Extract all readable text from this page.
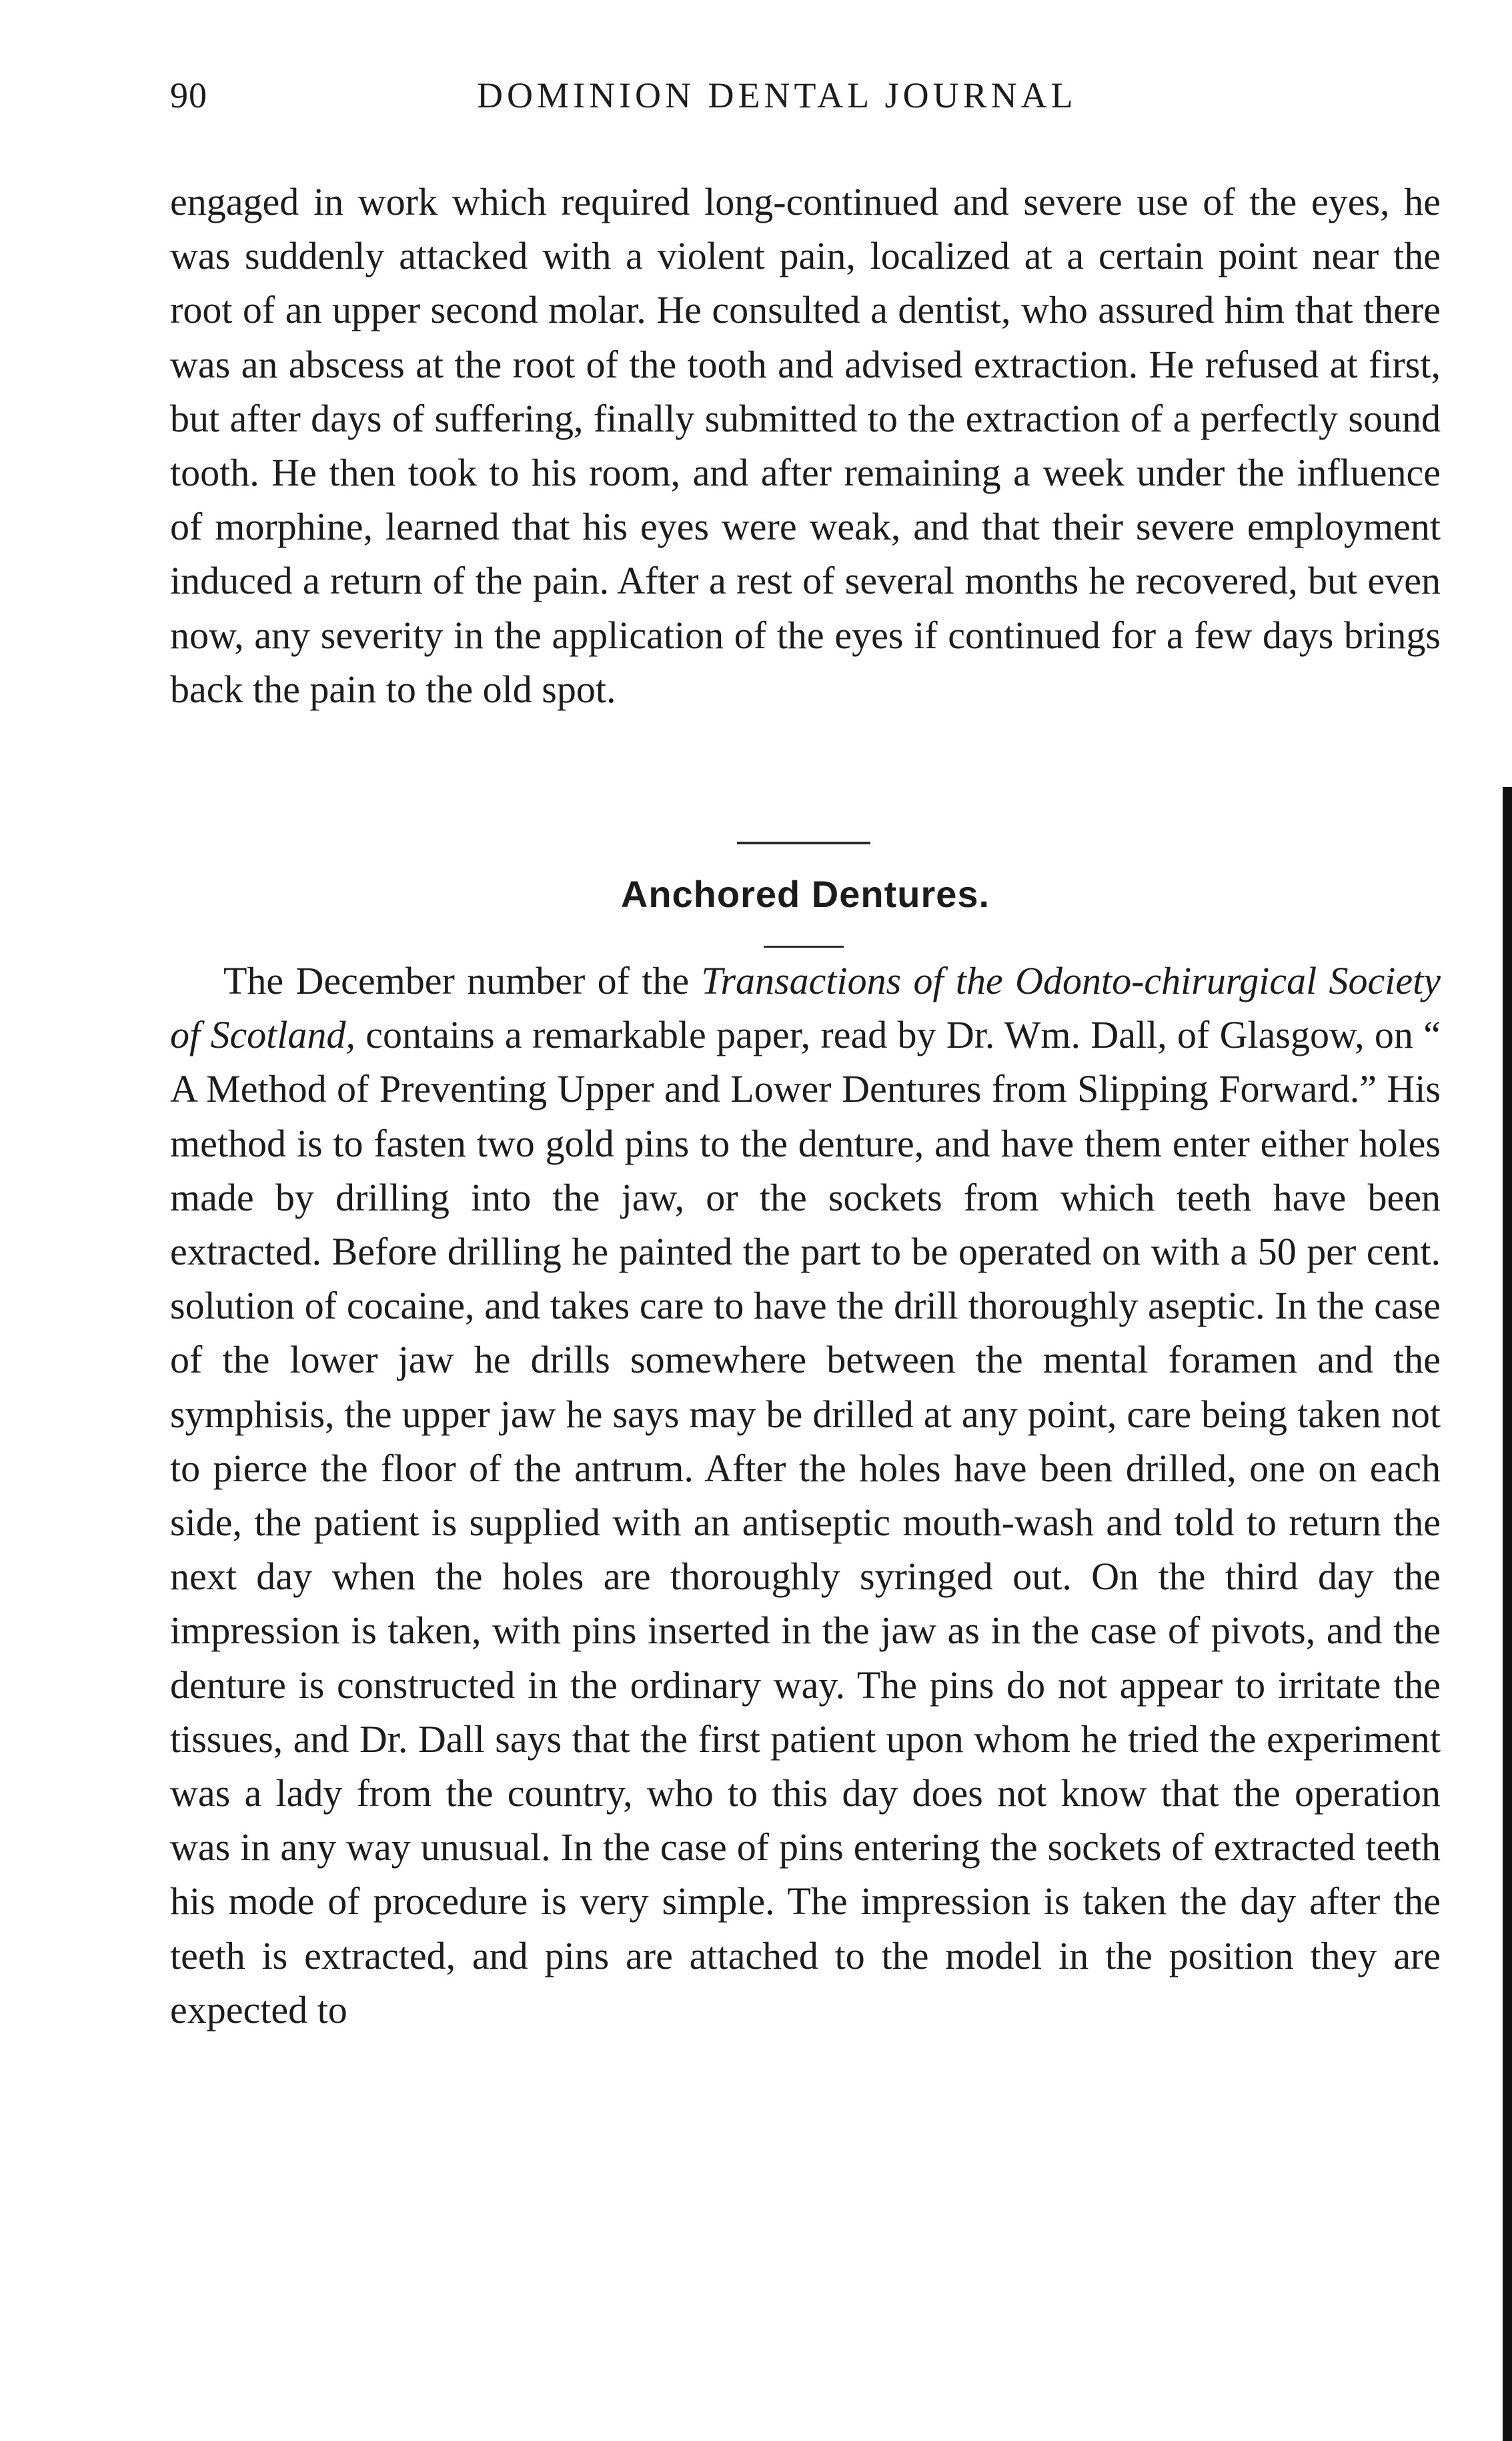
90	DOMINION DENTAL JOURNAL

engaged in work which required long-continued and severe use of the eyes, he was suddenly attacked with a violent pain, localized at a certain point near the root of an upper second molar. He consulted a dentist, who assured him that there was an abscess at the root of the tooth and advised extraction. He refused at first, but after days of suffering, finally submitted to the extraction of a perfectly sound tooth. He then took to his room, and after remaining a week under the influence of morphine, learned that his eyes were weak, and that their severe employment induced a return of the pain. After a rest of several months he recovered, but even now, any severity in the application of the eyes if continued for a few days brings back the pain to the old spot.

Anchored Dentures.

The December number of the Transactions of the Odonto-chirurgical Society of Scotland, contains a remarkable paper, read by Dr. Wm. Dall, of Glasgow, on “ A Method of Preventing Upper and Lower Dentures from Slipping Forward.” His method is to fasten two gold pins to the denture, and have them enter either holes made by drilling into the jaw, or the sockets from which teeth have been extracted. Before drilling he painted the part to be operated on with a 50 per cent. solution of cocaine, and takes care to have the drill thoroughly aseptic. In the case of the lower jaw he drills somewhere between the mental foramen and the symphisis, the upper jaw he says may be drilled at any point, care being taken not to pierce the floor of the antrum. After the holes have been drilled, one on each side, the patient is supplied with an antiseptic mouth-wash and told to return the next day when the holes are thoroughly syringed out. On the third day the impression is taken, with pins inserted in the jaw as in the case of pivots, and the denture is constructed in the ordinary way. The pins do not appear to irritate the tissues, and Dr. Dall says that the first patient upon whom he tried the experiment was a lady from the country, who to this day does not know that the operation was in any way unusual. In the case of pins entering the sockets of extracted teeth his mode of procedure is very simple. The impression is taken the day after the teeth is extracted, and pins are attached to the model in the position they are expected to
